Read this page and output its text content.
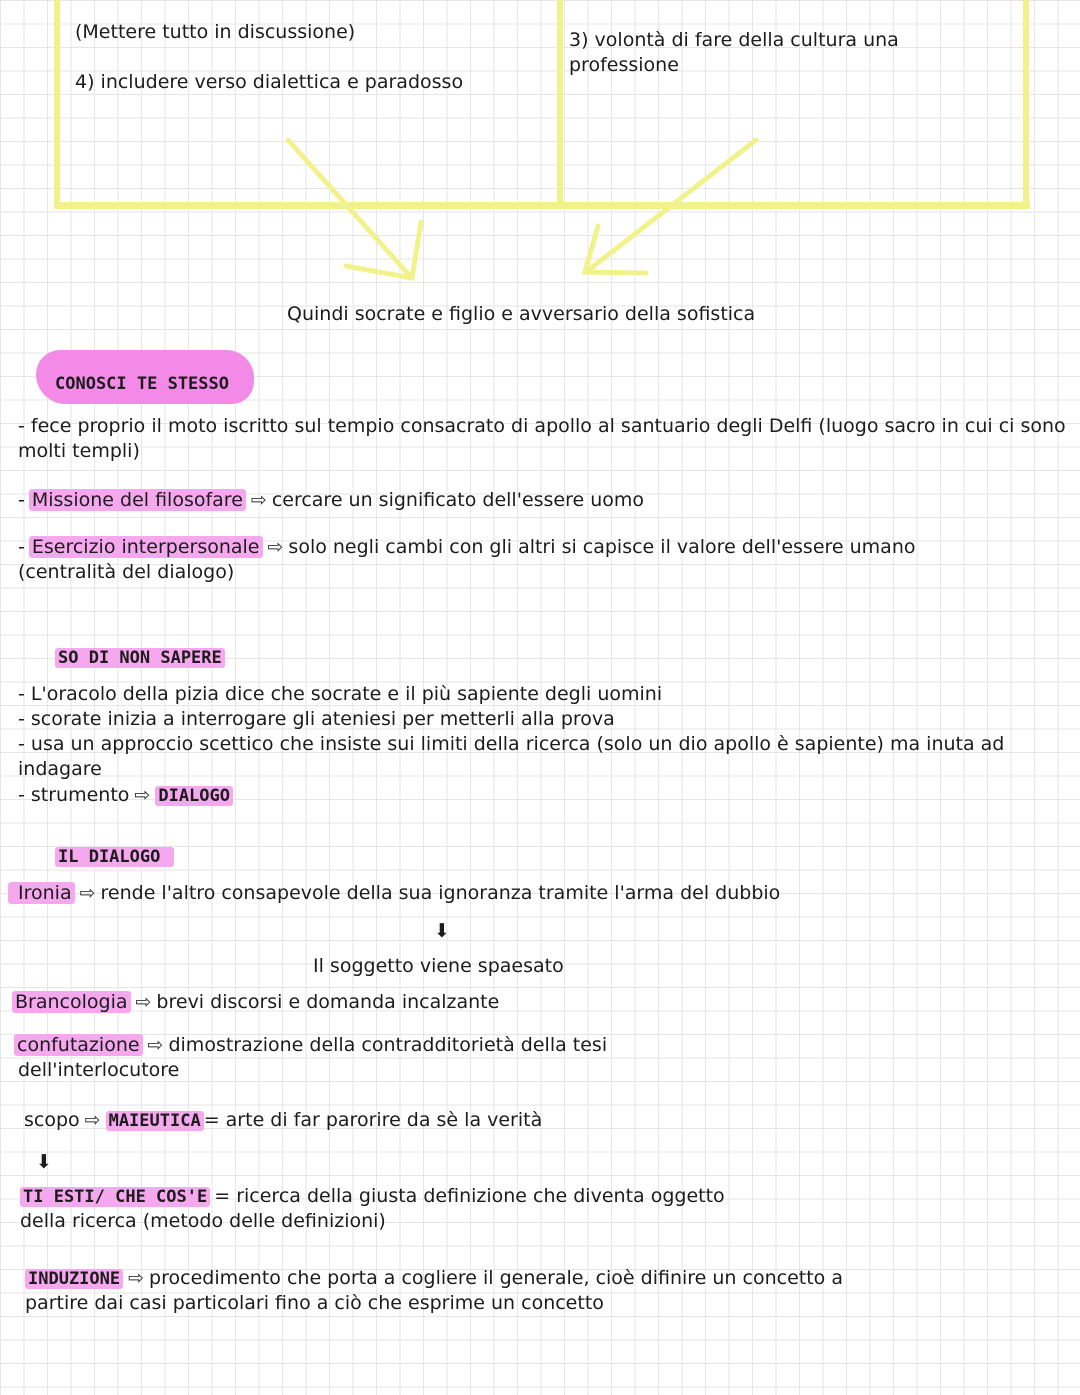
(Mettere tutto in discussione)

4) includere verso dialettica e paradosso

3) volontà di fare della cultura una

professione

Quindi socrate e figlio e avversario della sofistica

CONOSCI TE STESSO

- fece proprio il moto iscritto sul tempio consacrato di apollo al santuario degli Delfi (luogo sacro in cui ci sono molti templi)

- Missione del filosofare ⇨ cercare un significato dell'essere uomo

- Esercizio interpersonale ⇨ solo negli cambi con gli altri si capisce il valore dell'essere umano

(centralità del dialogo)

SO DI NON SAPERE

- L'oracolo della pizia dice che socrate e il più sapiente degli uomini

- scorate inizia a interrogare gli ateniesi per metterli alla prova

- usa un approccio scettico che insiste sui limiti della ricerca (solo un dio apollo è sapiente) ma inuta ad indagare

- strumento ⇨ DIALOGO

IL DIALOGO

Ironia ⇨ rende l'altro consapevole della sua ignoranza tramite l'arma del dubbio

⬇

Il soggetto viene spaesato

Brancologia ⇨ brevi discorsi e domanda incalzante

confutazione ⇨ dimostrazione della contradditorietà della tesi

dell'interlocutore

scopo ⇨ MAIEUTICA = arte di far parorire da sè la verità

⬇

TI ESTI/ CHE COS'E = ricerca della giusta definizione che diventa oggetto

della ricerca (metodo delle definizioni)

INDUZIONE ⇨ procedimento che porta a cogliere il generale, cioè difinire un concetto a

partire dai casi particolari fino a ciò che esprime un concetto
